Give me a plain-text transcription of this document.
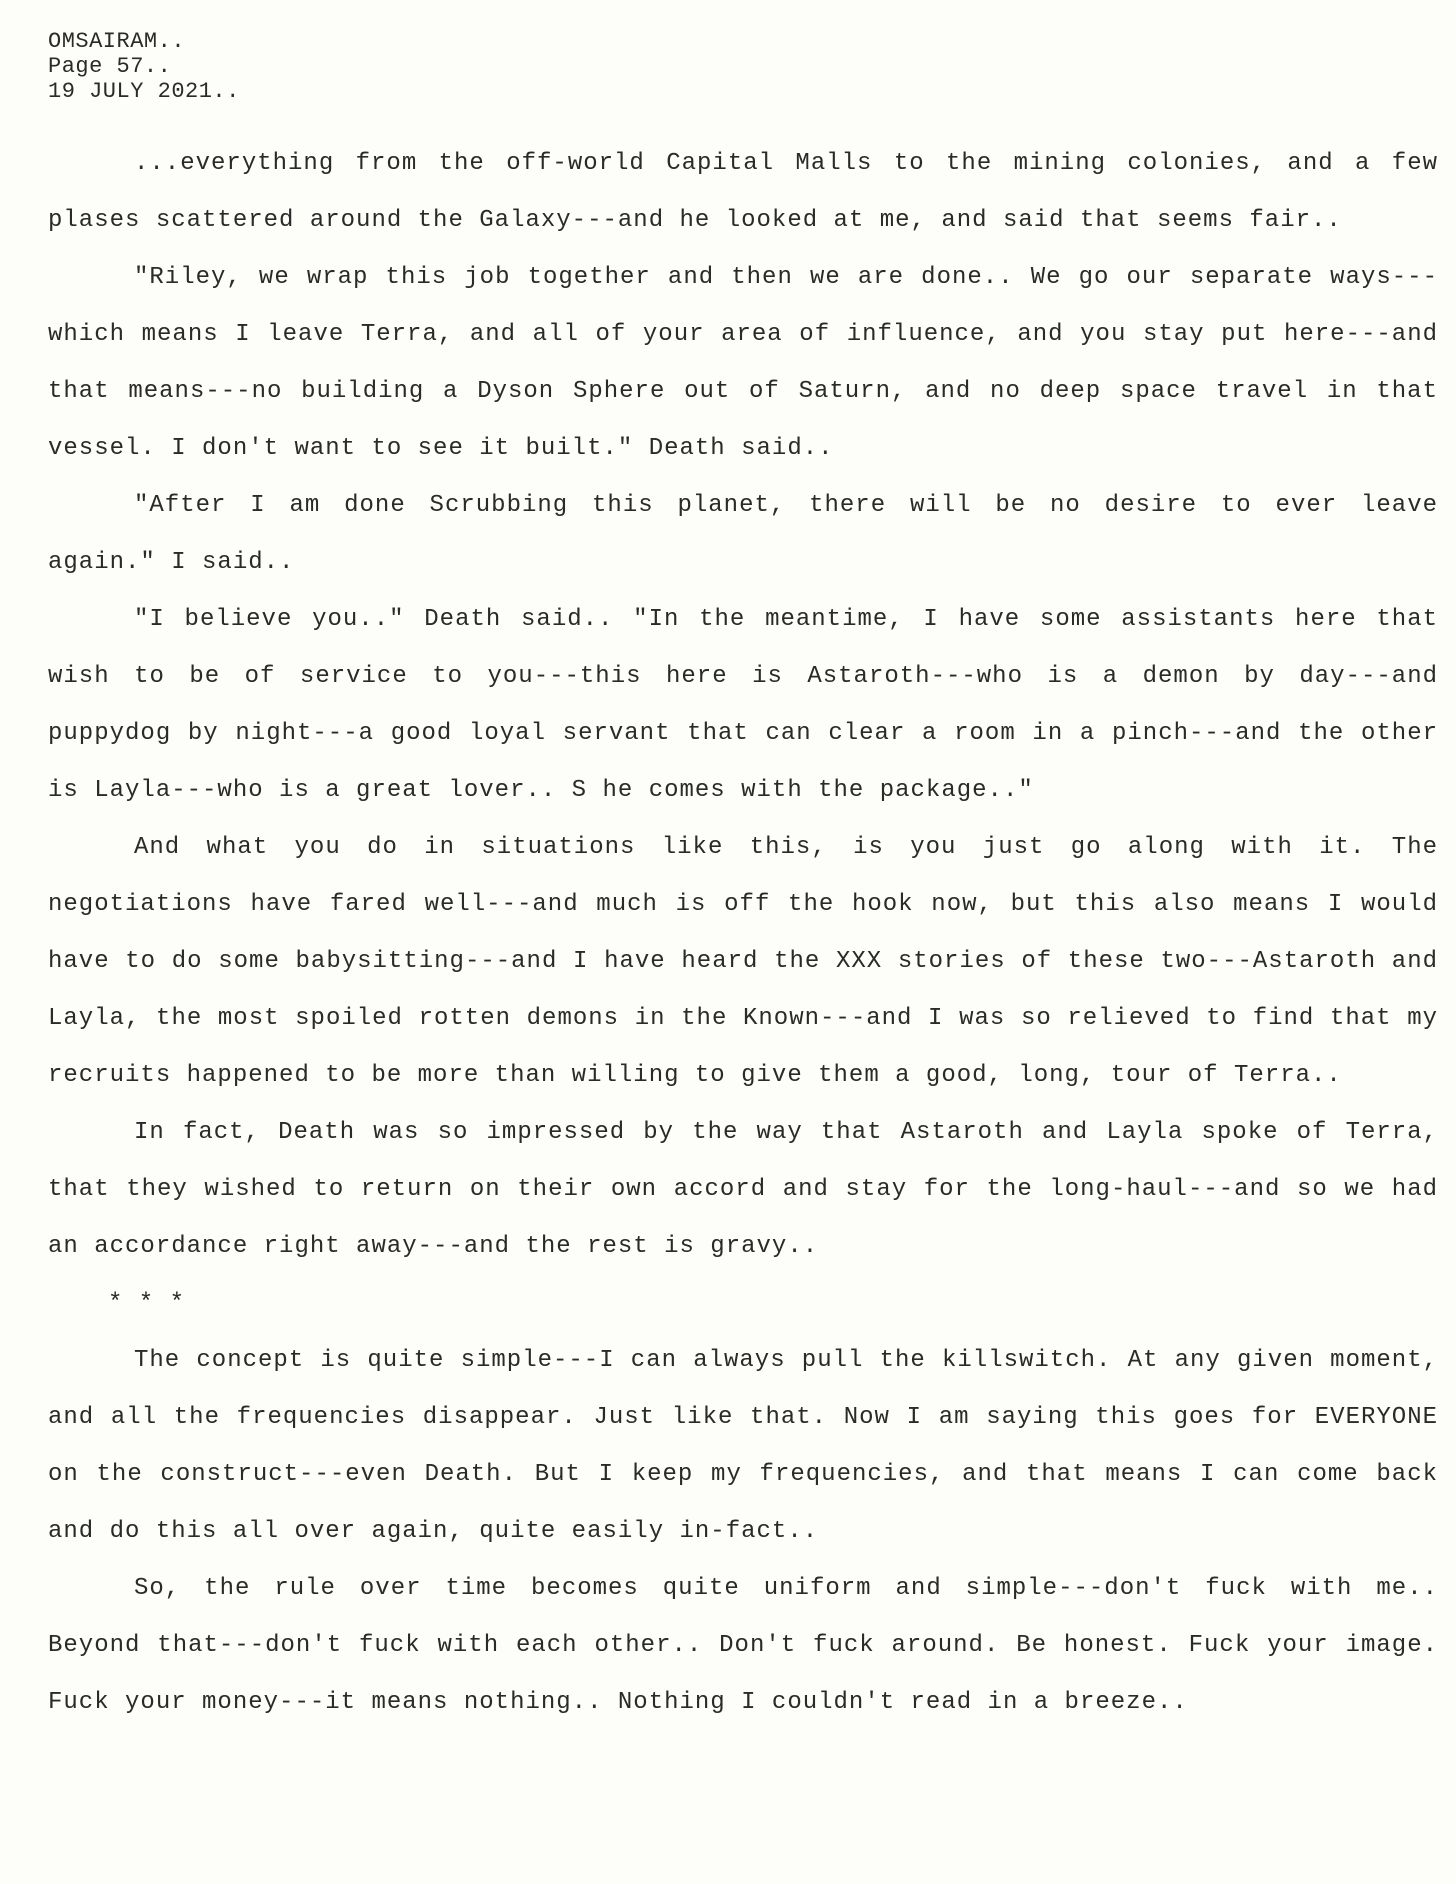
OMSAIRAM..
Page 57..
19 JULY 2021..

...everything from the off-world Capital Malls to the mining colonies, and a few plases scattered around the Galaxy---and he looked at me, and said that seems fair..

"Riley, we wrap this job together and then we are done.. We go our separate ways---which means I leave Terra, and all of your area of influence, and you stay put here---and that means---no building a Dyson Sphere out of Saturn, and no deep space travel in that vessel. I don't want to see it built." Death said..

"After I am done Scrubbing this planet, there will be no desire to ever leave again." I said..

"I believe you.." Death said.. "In the meantime, I have some assistants here that wish to be of service to you---this here is Astaroth---who is a demon by day---and puppydog by night---a good loyal servant that can clear a room in a pinch---and the other is Layla---who is a great lover.. S he comes with the package.."

And what you do in situations like this, is you just go along with it. The negotiations have fared well---and much is off the hook now, but this also means I would have to do some babysitting---and I have heard the XXX stories of these two---Astaroth and Layla, the most spoiled rotten demons in the Known---and I was so relieved to find that my recruits happened to be more than willing to give them a good, long, tour of Terra..

In fact, Death was so impressed by the way that Astaroth and Layla spoke of Terra, that they wished to return on their own accord and stay for the long-haul---and so we had an accordance right away---and the rest is gravy..

* * *

The concept is quite simple---I can always pull the killswitch. At any given moment, and all the frequencies disappear. Just like that. Now I am saying this goes for EVERYONE on the construct---even Death. But I keep my frequencies, and that means I can come back and do this all over again, quite easily in-fact..

So, the rule over time becomes quite uniform and simple---don't fuck with me.. Beyond that---don't fuck with each other.. Don't fuck around. Be honest. Fuck your image. Fuck your money---it means nothing.. Nothing I couldn't read in a breeze..
